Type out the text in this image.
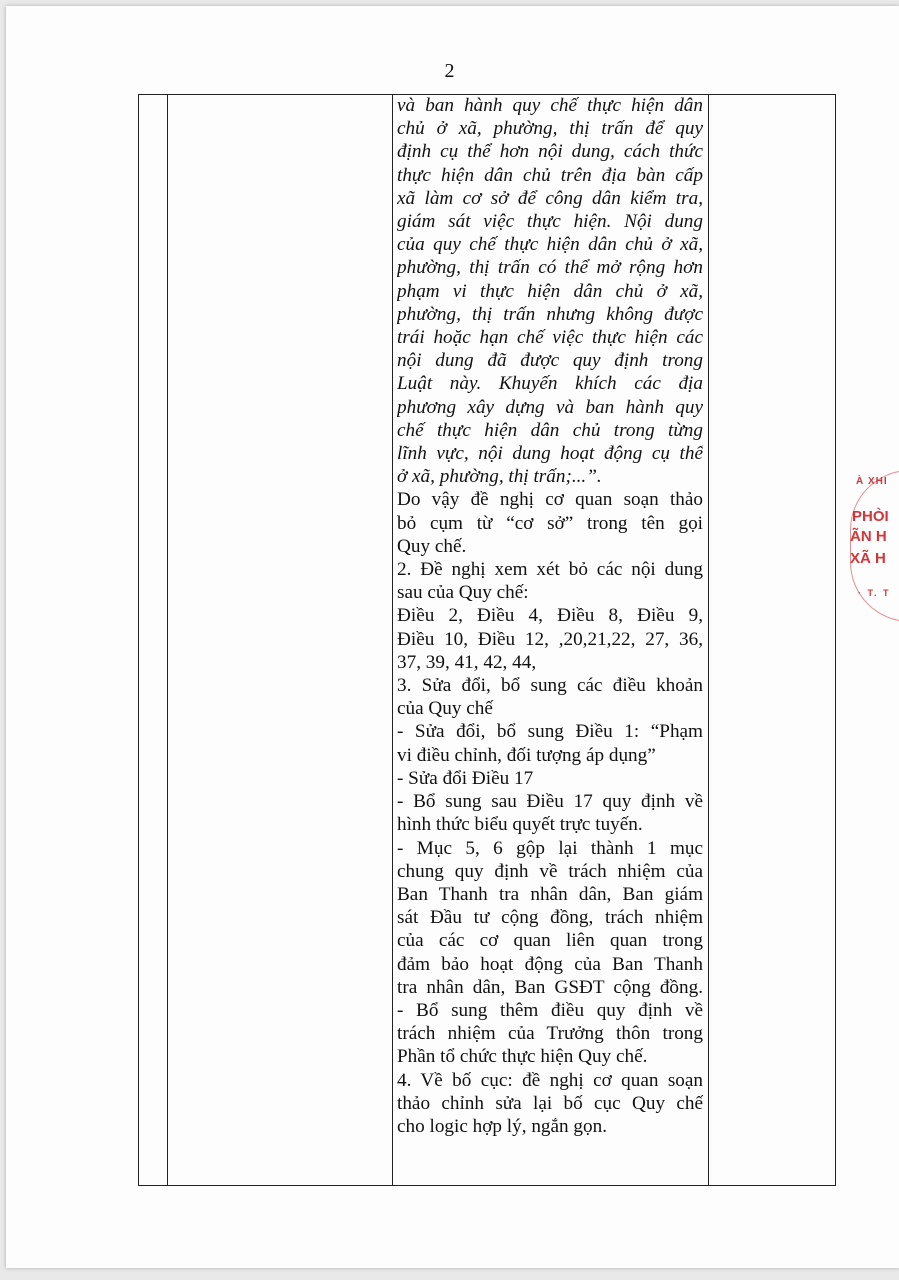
2
và ban hành quy chế thực hiện dân
chủ ở xã, phường, thị trấn để quy
định cụ thể hơn nội dung, cách thức
thực hiện dân chủ trên địa bàn cấp
xã làm cơ sở để công dân kiểm tra,
giám sát việc thực hiện. Nội dung
của quy chế thực hiện dân chủ ở xã,
phường, thị trấn có thể mở rộng hơn
phạm vi thực hiện dân chủ ở xã,
phường, thị trấn nhưng không được
trái hoặc hạn chế việc thực hiện các
nội dung đã được quy định trong
Luật này. Khuyến khích các địa
phương xây dựng và ban hành quy
chế thực hiện dân chủ trong từng
lĩnh vực, nội dung hoạt động cụ thể
ở xã, phường, thị trấn;...”.
Do vậy đề nghị cơ quan soạn thảo
bỏ cụm từ “cơ sở” trong tên gọi
Quy chế.
2. Đề nghị xem xét bỏ các nội dung
sau của Quy chế:
Điều 2, Điều 4, Điều 8, Điều 9,
Điều 10, Điều 12, ,20,21,22, 27, 36,
37, 39, 41, 42, 44,
3. Sửa đổi, bổ sung các điều khoản
của Quy chế
- Sửa đổi, bổ sung Điều 1: “Phạm
vi điều chỉnh, đối tượng áp dụng”
- Sửa đổi Điều 17
- Bổ sung sau Điều 17 quy định về
hình thức biểu quyết trực tuyến.
- Mục 5, 6 gộp lại thành 1 mục
chung quy định về trách nhiệm của
Ban Thanh tra nhân dân, Ban giám
sát Đầu tư cộng đồng, trách nhiệm
của các cơ quan liên quan trong
đảm bảo hoạt động của Ban Thanh
tra nhân dân, Ban GSĐT cộng đồng.
- Bổ sung thêm điều quy định về
trách nhiệm của Trưởng thôn trong
Phần tổ chức thực hiện Quy chế.
4. Về bố cục: đề nghị cơ quan soạn
thảo chỉnh sửa lại bố cục Quy chế
cho logic hợp lý, ngắn gọn.
À XHI
PHÒI
ÃN H
XÃ H
· T. T
